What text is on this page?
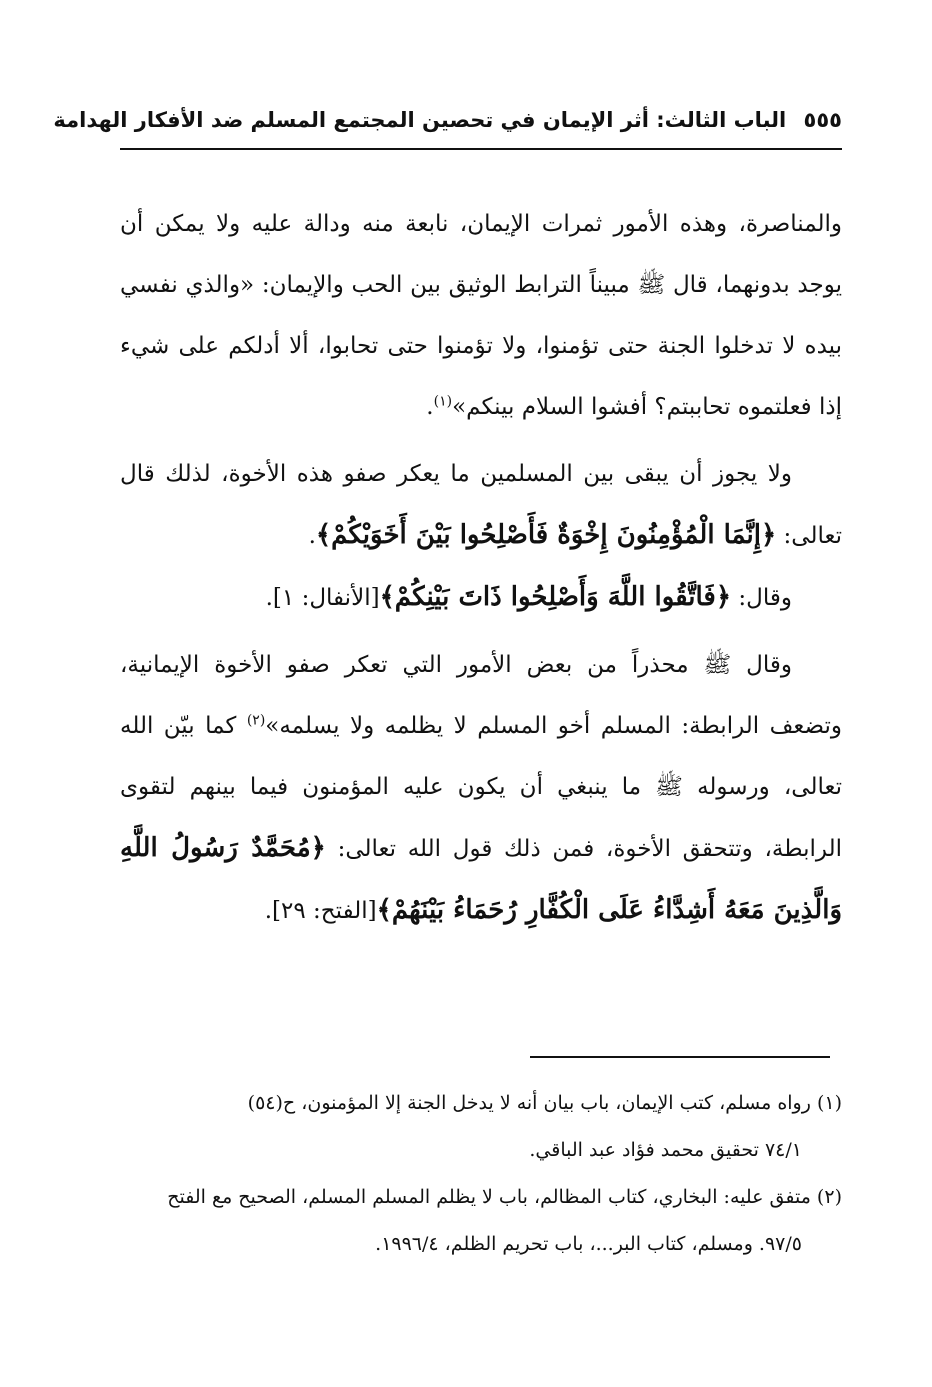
٥٥٥ الباب الثالث: أثر الإيمان في تحصين المجتمع المسلم ضد الأفكار الهدامة

والمناصرة، وهذه الأمور ثمرات الإيمان، نابعة منه ودالة عليه ولا يمكن أن يوجد بدونهما، قال ﷺ مبيناً الترابط الوثيق بين الحب والإيمان: «والذي نفسي بيده لا تدخلوا الجنة حتى تؤمنوا، ولا تؤمنوا حتى تحابوا، ألا أدلكم على شيء إذا فعلتموه تحاببتم؟ أفشوا السلام بينكم»$^{(١)}$.

ولا يجوز أن يبقى بين المسلمين ما يعكر صفو هذه الأخوة، لذلك قال تعالى: ﴿إِنَّمَا الْمُؤْمِنُونَ إِخْوَةٌ فَأَصْلِحُوا بَيْنَ أَخَوَيْكُمْ﴾.

وقال: ﴿فَاتَّقُوا اللَّهَ وَأَصْلِحُوا ذَاتَ بَيْنِكُمْ﴾[الأنفال: ١].

وقال ﷺ محذراً من بعض الأمور التي تعكر صفو الأخوة الإيمانية، وتضعف الرابطة: المسلم أخو المسلم لا يظلمه ولا يسلمه»$^{(٢)}$ كما بيّن الله تعالى، ورسوله ﷺ ما ينبغي أن يكون عليه المؤمنون فيما بينهم لتقوى الرابطة، وتتحقق الأخوة، فمن ذلك قول الله تعالى: ﴿مُحَمَّدٌ رَسُولُ اللَّهِ وَالَّذِينَ مَعَهُ أَشِدَّاءُ عَلَى الْكُفَّارِ رُحَمَاءُ بَيْنَهُمْ﴾[الفتح: ٢٩].

(١) رواه مسلم، كتب الإيمان، باب بيان أنه لا يدخل الجنة إلا المؤمنون، ح(٥٤)

٧٤/١ تحقيق محمد فؤاد عبد الباقي.

(٢) متفق عليه: البخاري، كتاب المظالم، باب لا يظلم المسلم المسلم، الصحيح مع الفتح

٩٧/٥. ومسلم، كتاب البر...، باب تحريم الظلم، ١٩٩٦/٤.
